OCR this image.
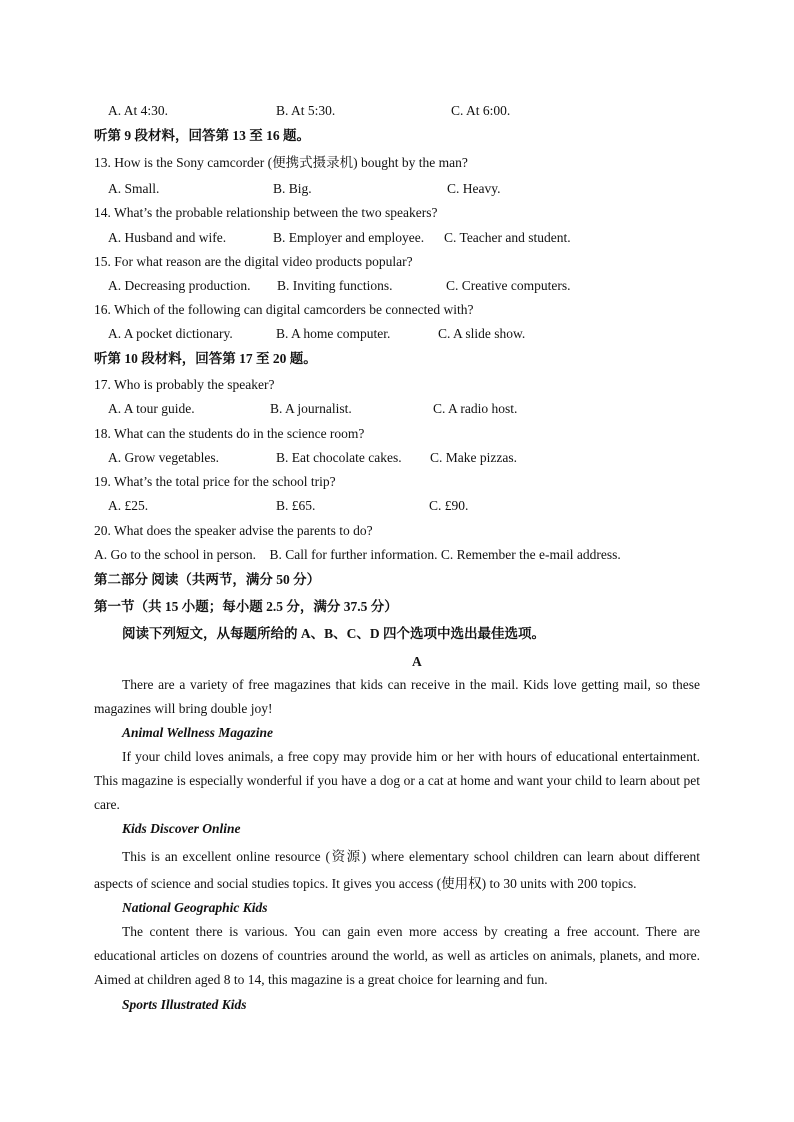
A. At 4:30.	B. At 5:30.	C. At 6:00.
听第 9 段材料，回答第 13 至 16 题。
13. How is the Sony camcorder (便携式摄录机) bought by the man?
A. Small.	B. Big.	C. Heavy.
14. What’s the probable relationship between the two speakers?
A. Husband and wife.	B. Employer and employee. C. Teacher and student.
15. For what reason are the digital video products popular?
A. Decreasing production. B. Inviting functions.	C. Creative computers.
16. Which of the following can digital camcorders be connected with?
A. A pocket dictionary.	B. A home computer.	C. A slide show.
听第 10 段材料，回答第 17 至 20 题。
17. Who is probably the speaker?
A. A tour guide.	B. A journalist.	C. A radio host.
18. What can the students do in the science room?
A. Grow vegetables.	B. Eat chocolate cakes. C. Make pizzas.
19. What’s the total price for the school trip?
A. £25.	B. £65.	C. £90.
20. What does the speaker advise the parents to do?
A. Go to the school in person.    B. Call for further information. C. Remember the e-mail address.
第二部分 阅读（共两节，满分 50 分）
第一节（共 15 小题；每小题 2.5 分，满分 37.5 分）
阅读下列短文，从每题所给的 A、B、C、D 四个选项中选出最佳选项。
A

There are a variety of free magazines that kids can receive in the mail. Kids love getting mail, so these magazines will bring double joy!

Animal Wellness Magazine

If your child loves animals, a free copy may provide him or her with hours of educational entertainment. This magazine is especially wonderful if you have a dog or a cat at home and want your child to learn about pet care.

Kids Discover Online

This is an excellent online resource (资源) where elementary school children can learn about different aspects of science and social studies topics. It gives you access (使用权) to 30 units with 200 topics.

National Geographic Kids

The content there is various. You can gain even more access by creating a free account. There are educational articles on dozens of countries around the world, as well as articles on animals, planets, and more. Aimed at children aged 8 to 14, this magazine is a great choice for learning and fun.

Sports Illustrated Kids
